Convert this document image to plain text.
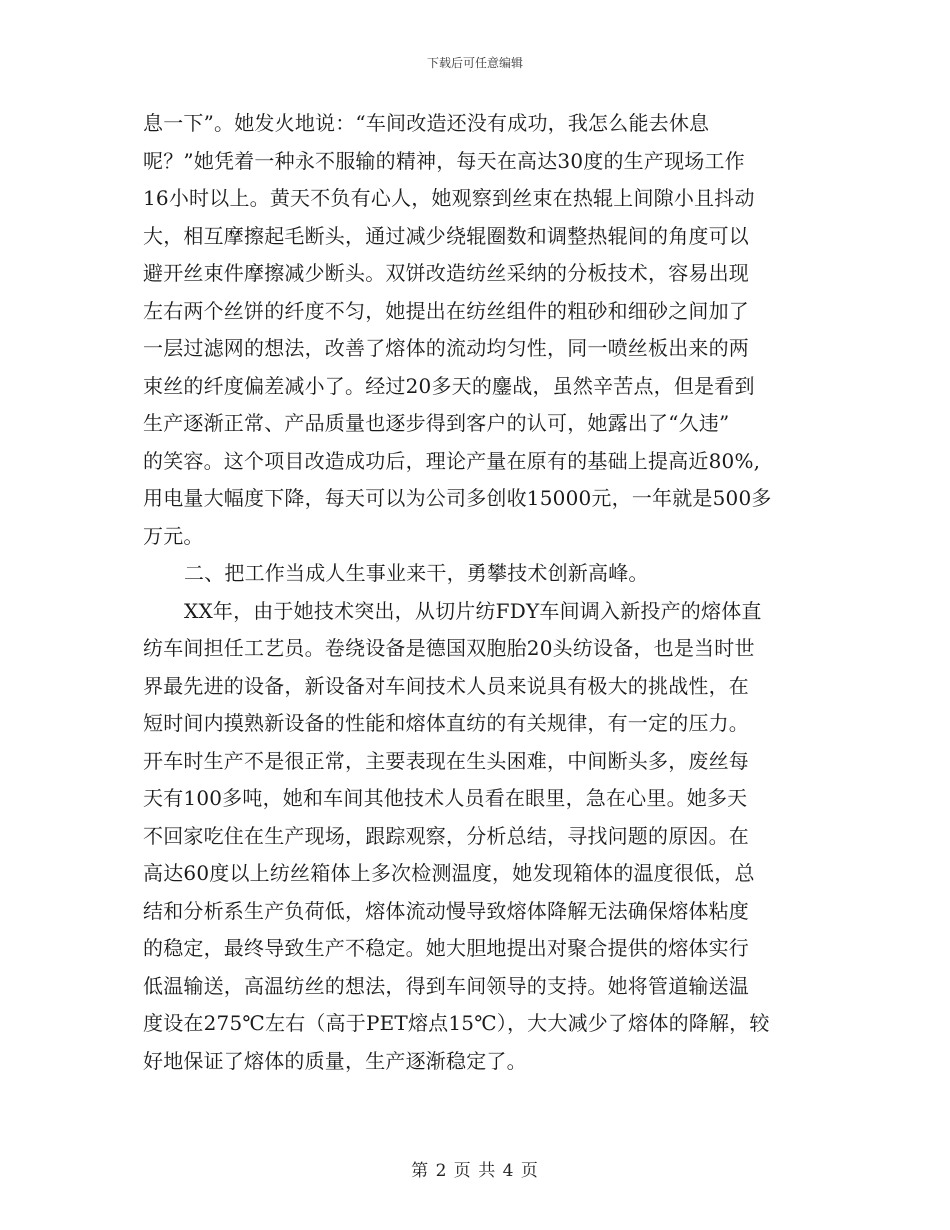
下载后可任意编辑
息一下”。她发火地说：“车间改造还没有成功，我怎么能去休息
呢？”她凭着一种永不服输的精神，每天在高达30度的生产现场工作
16小时以上。黄天不负有心人，她观察到丝束在热辊上间隙小且抖动
大，相互摩擦起毛断头，通过减少绕辊圈数和调整热辊间的角度可以
避开丝束件摩擦减少断头。双饼改造纺丝采纳的分板技术，容易出现
左右两个丝饼的纤度不匀，她提出在纺丝组件的粗砂和细砂之间加了
一层过滤网的想法，改善了熔体的流动均匀性，同一喷丝板出来的两
束丝的纤度偏差减小了。经过20多天的鏖战，虽然辛苦点，但是看到
生产逐渐正常、产品质量也逐步得到客户的认可，她露出了“久违”
的笑容。这个项目改造成功后，理论产量在原有的基础上提高近80%,
用电量大幅度下降，每天可以为公司多创收15000元，一年就是500多
万元。
二、把工作当成人生事业来干，勇攀技术创新高峰。
XX年，由于她技术突出，从切片纺FDY车间调入新投产的熔体直
纺车间担任工艺员。卷绕设备是德国双胞胎20头纺设备，也是当时世
界最先进的设备，新设备对车间技术人员来说具有极大的挑战性，在
短时间内摸熟新设备的性能和熔体直纺的有关规律，有一定的压力。
开车时生产不是很正常，主要表现在生头困难，中间断头多，废丝每
天有100多吨，她和车间其他技术人员看在眼里，急在心里。她多天
不回家吃住在生产现场，跟踪观察，分析总结，寻找问题的原因。在
高达60度以上纺丝箱体上多次检测温度，她发现箱体的温度很低，总
结和分析系生产负荷低，熔体流动慢导致熔体降解无法确保熔体粘度
的稳定，最终导致生产不稳定。她大胆地提出对聚合提供的熔体实行
低温输送，高温纺丝的想法，得到车间领导的支持。她将管道输送温
度设在275℃左右（高于PET熔点15℃），大大减少了熔体的降解，较
好地保证了熔体的质量，生产逐渐稳定了。
第 2 页 共 4 页
